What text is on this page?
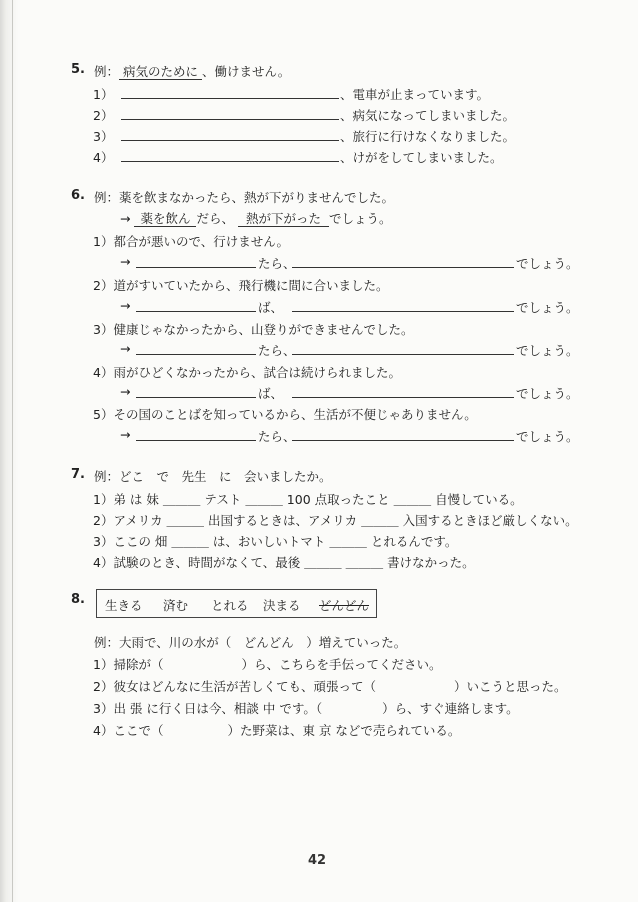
5. 例： 病気のために 、働けません。
1）	、電車が止まっています。
2）	、病気になってしまいました。
3）	、旅行に行けなくなりました。
4）	、けがをしてしまいました。
6. 例：薬を飲まなかったら、熱が下がりませんでした。
→ 薬を飲ん だら、 熱が下がった でしょう。
1）都合が悪いので、行けません。
→	たら、	でしょう。
2）道がすいていたから、飛行機に間に合いました。
→	ば、	でしょう。
3）健康じゃなかったから、山登りができませんでした。
→	たら、	でしょう。
4）雨がひどくなかったから、試合は続けられました。
→	ば、	でしょう。
5）その国のことばを知っているから、生活が不便じゃありません。
→	たら、	でしょう。
7. 例：どこ　で　先生　に　会いましたか。
1）弟 は 妹 ＿＿＿ テスト ＿＿＿ 100 点取ったこと ＿＿＿ 自慢している。
2）アメリカ ＿＿＿ 出国するときは、アメリカ ＿＿＿ 入国するときほど厳しくない。
3）ここの 畑 ＿＿＿ は、おいしいトマト ＿＿＿ とれるんです。
4）試験のとき、時間がなくて、最後 ＿＿＿ ＿＿＿ 書けなかった。
8. 生きる 済む とれる 決まる どんどん
例：大雨で、川の水が（　どんどん　）増えていった。
1）掃除が（	）ら、こちらを手伝ってください。
2）彼女はどんなに生活が苦しくても、頑張って（	）いこうと思った。
3）出 張 に行く日は今、相談 中 です。（	）ら、すぐ連絡します。
4）ここで（	）た野菜は、東 京 などで売られている。
42
